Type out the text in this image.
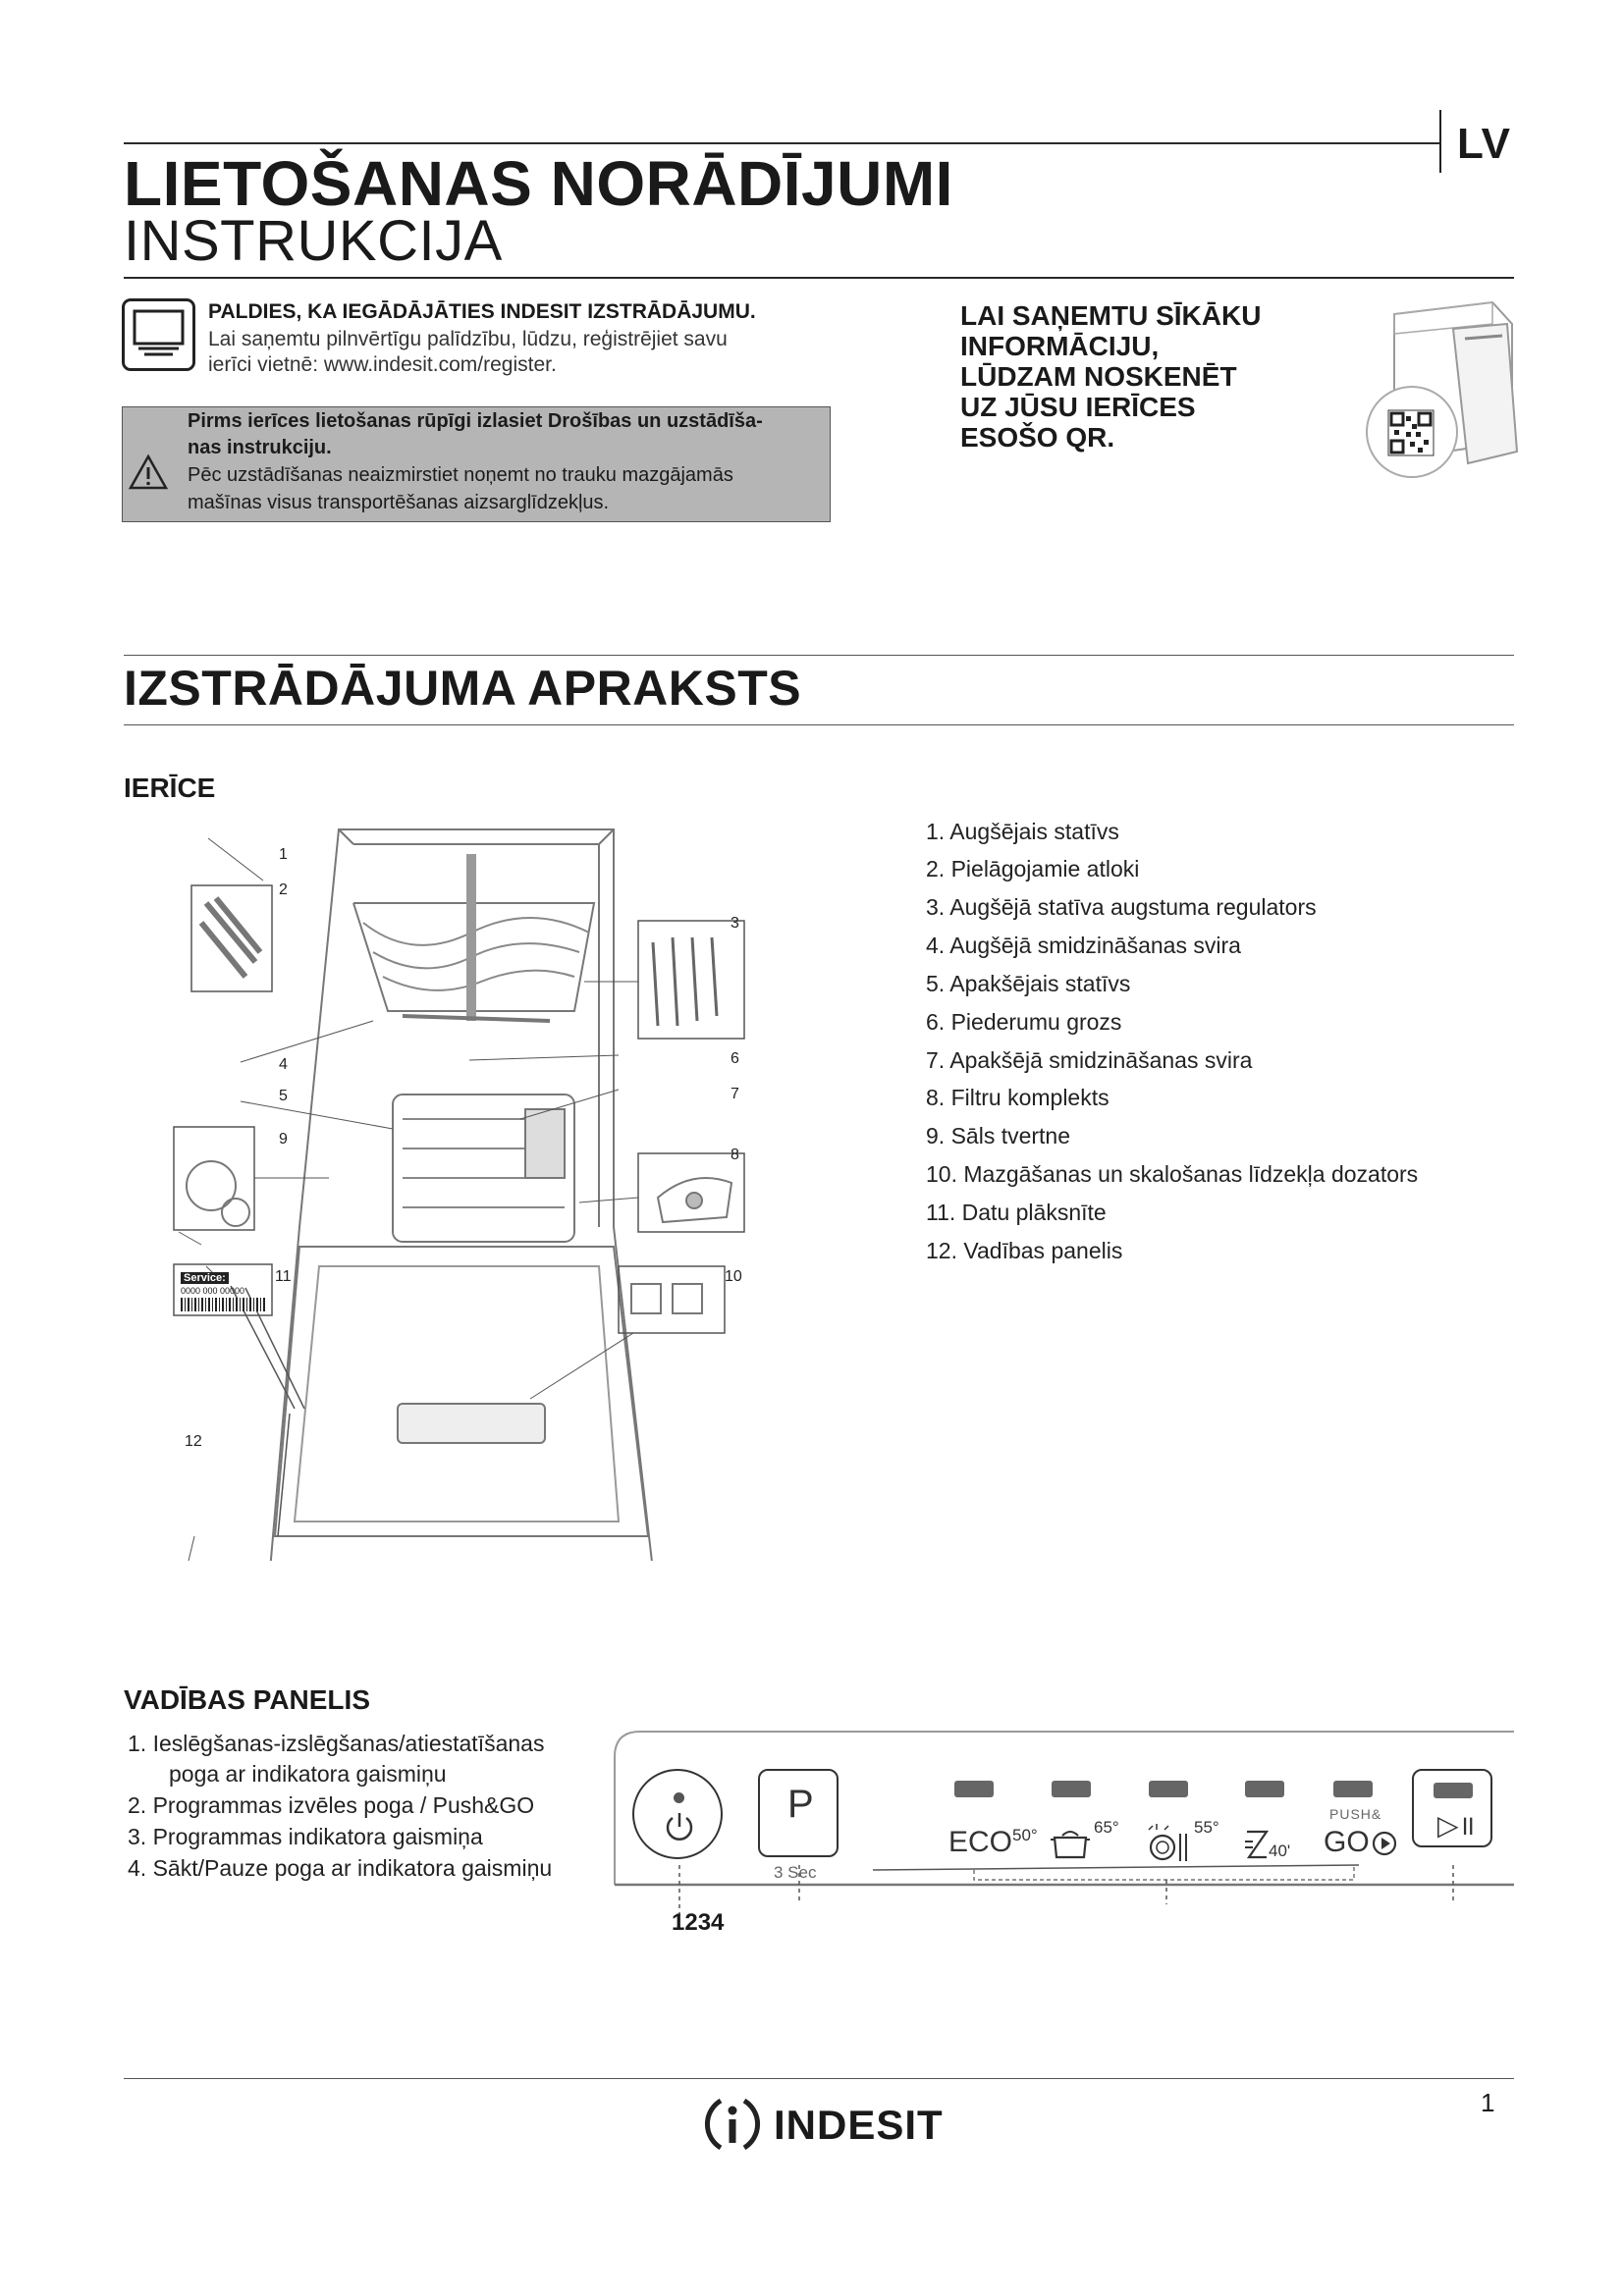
LV
LIETOŠANAS NORĀDĪJUMI
INSTRUKCIJA
PALDIES, KA IEGĀDĀJĀTIES INDESIT IZSTRĀDĀJUMU.
Lai saņemtu pilnvērtīgu palīdzību, lūdzu, reģistrējiet savu
ierīci vietnē: www.indesit.com/register.
Pirms ierīces lietošanas rūpīgi izlasiet Drošības un uzstādīša-
nas instrukciju.
Pēc uzstādīšanas neaizmirstiet noņemt no trauku mazgājamās
mašīnas visus transportēšanas aizsarglīdzekļus.
LAI SAŅEMTU SĪKĀKU
INFORMĀCIJU,
LŪDZAM NOSKENĒT
UZ JŪSU IERĪCES
ESOŠO QR.
IZSTRĀDĀJUMA APRAKSTS
IERĪCE
1
2
3
4
5
6
7
8
9
10
11
12
Service:
0000 000 00000
1. Augšējais statīvs
2. Pielāgojamie atloki
3. Augšējā statīva augstuma regulators
4. Augšējā smidzināšanas svira
5. Apakšējais statīvs
6. Piederumu grozs
7. Apakšējā smidzināšanas svira
8. Filtru komplekts
9. Sāls tvertne
10. Mazgāšanas un skalošanas līdzekļa dozators
11. Datu plāksnīte
12. Vadības panelis
VADĪBAS PANELIS
1. Ieslēgšanas-izslēgšanas/atiestatīšanas
poga ar indikatora gaismiņu
2. Programmas izvēles poga / Push&GO
3. Programmas indikatora gaismiņa
4. Sākt/Pauze poga ar indikatora gaismiņu
P
3 Sec
$ECO^{50^\circ}$	65°	55°
40'
PUSH&
GO
▷॥
1234
1
INDESIT
